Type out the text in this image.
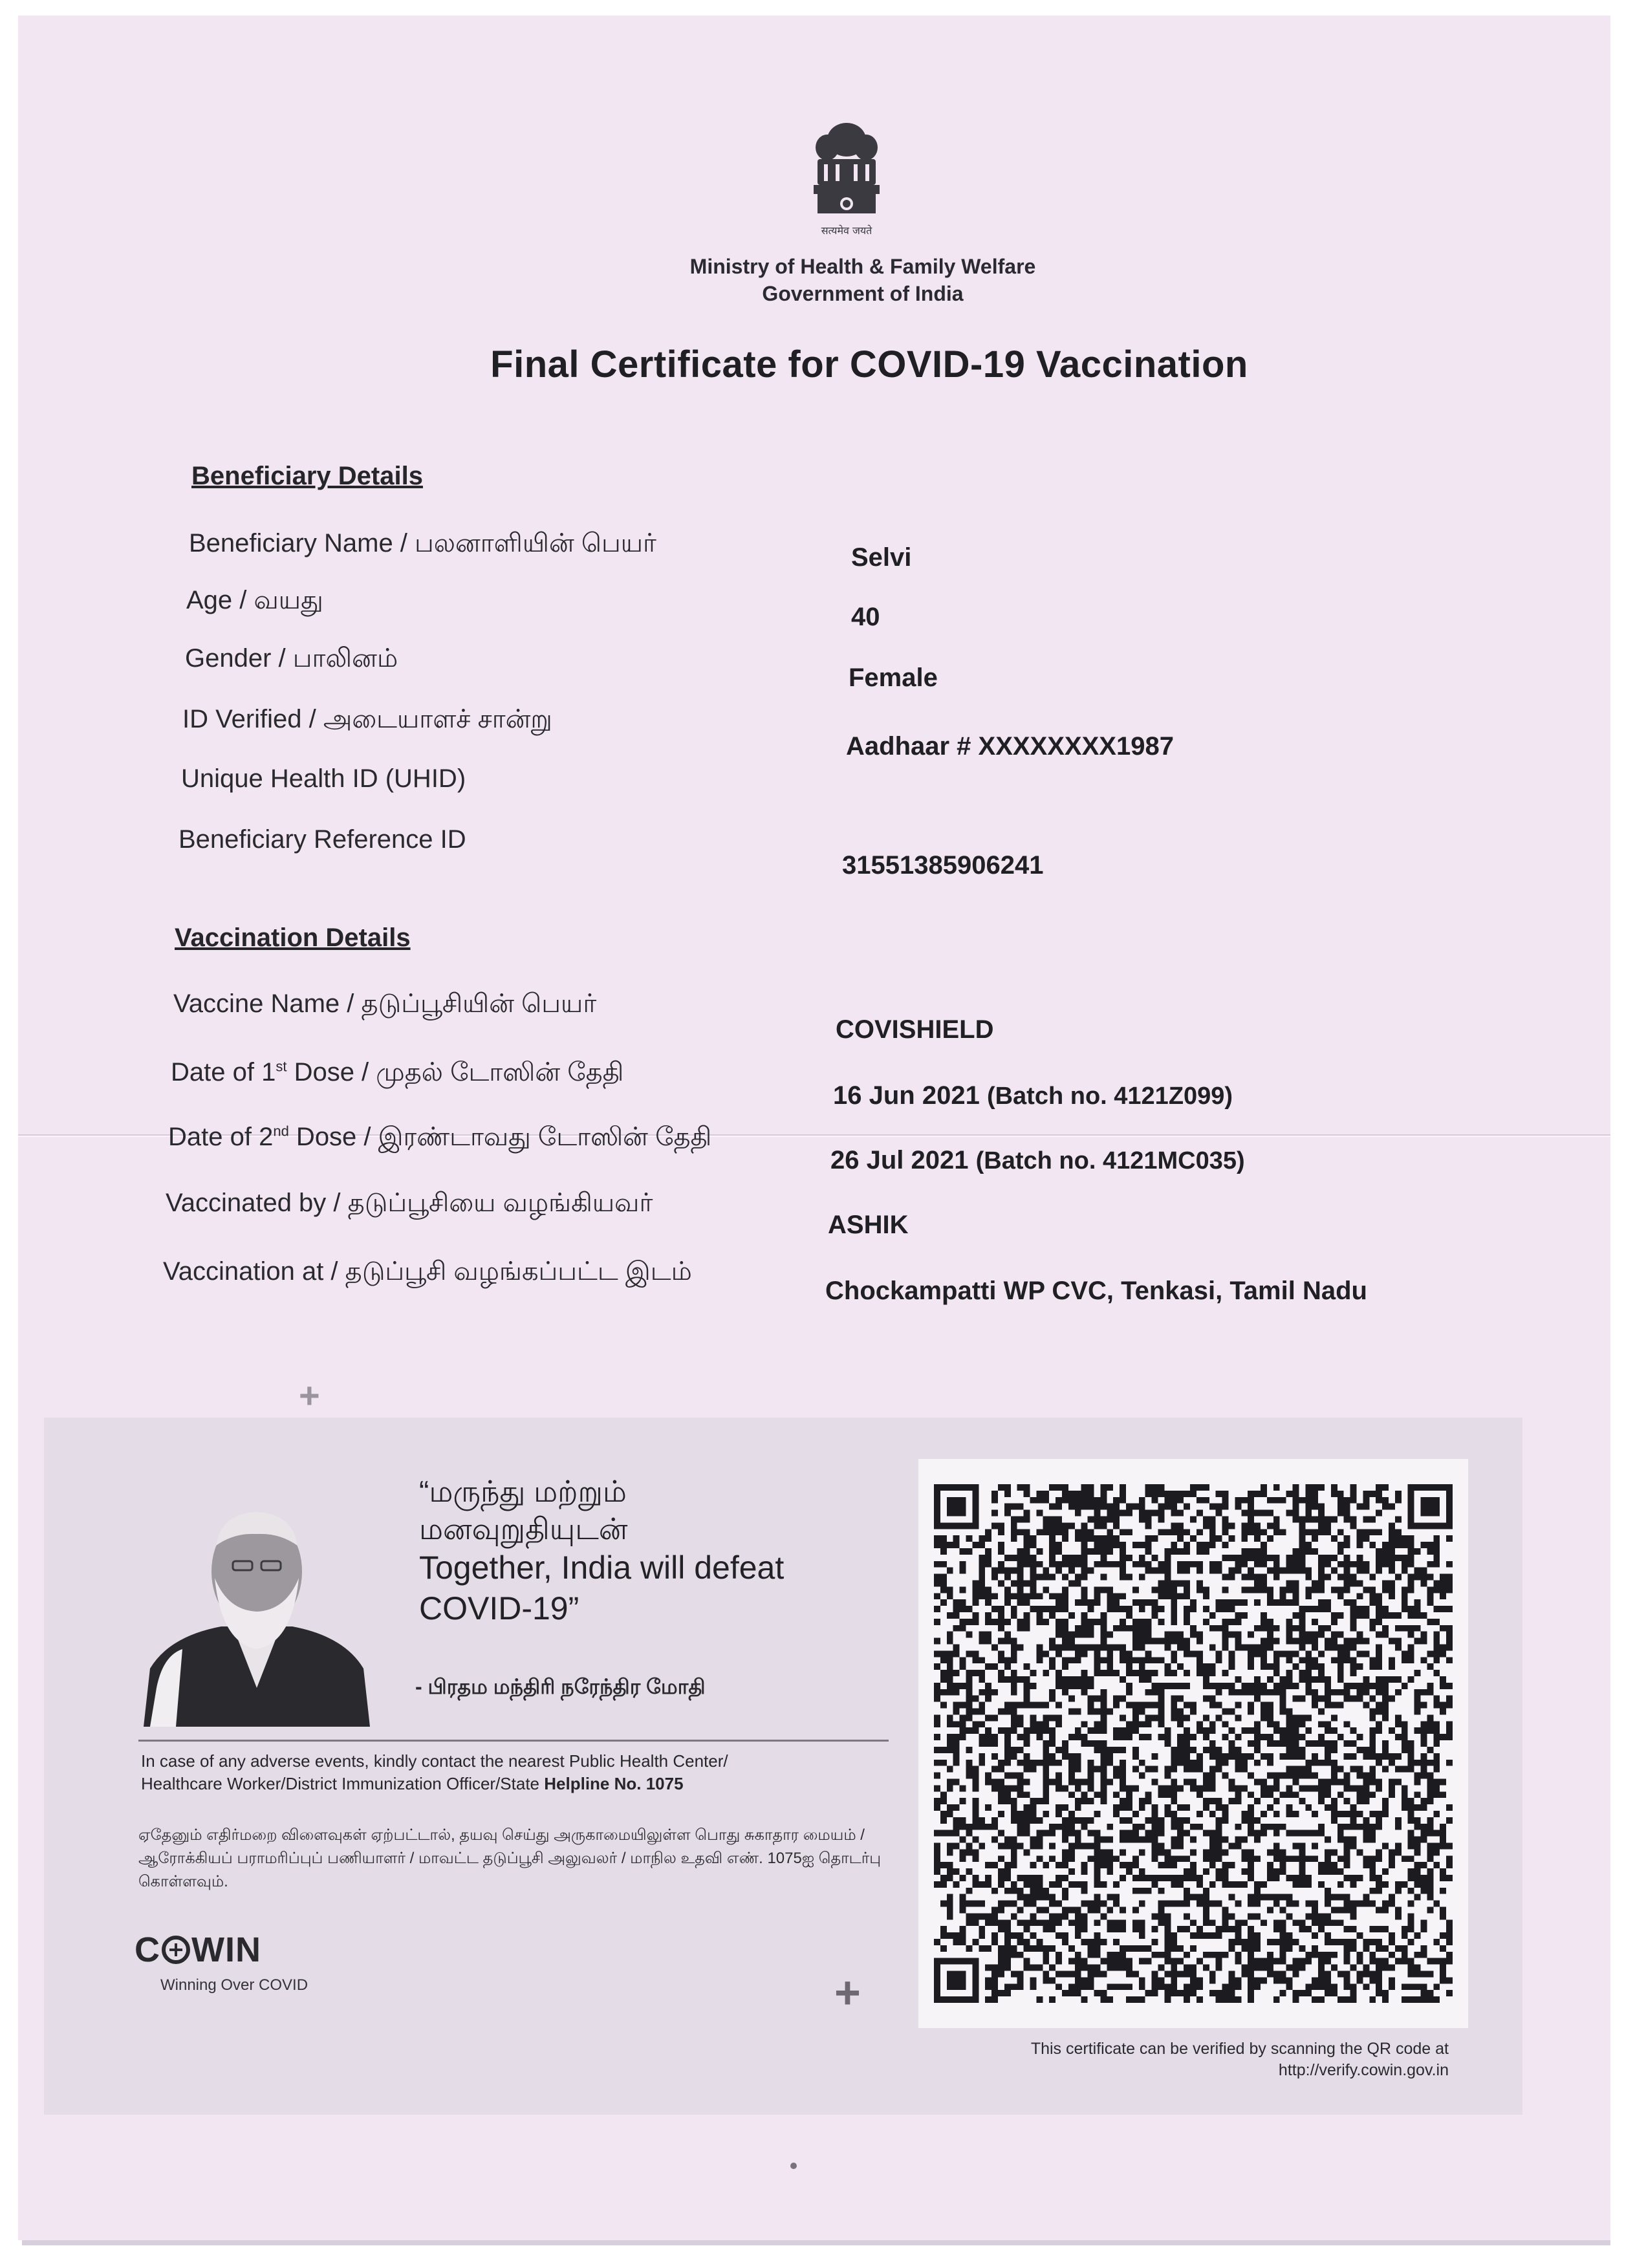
सत्यमेव जयते
Ministry of Health & Family Welfare
Government of India
Final Certificate for COVID-19 Vaccination
Beneficiary Details
Beneficiary Name / பலனாளியின் பெயர்	Selvi
Age / வயது
40
Gender / பாலினம்
Female
ID Verified / அடையாளச் சான்று
Aadhaar # XXXXXXXX1987
Unique Health ID (UHID)
Beneficiary Reference ID
31551385906241
Vaccination Details
Vaccine Name / தடுப்பூசியின் பெயர்
COVISHIELD
Date of 1st Dose / முதல் டோஸின் தேதி
16 Jun 2021 (Batch no. 4121Z099)
Date of 2nd Dose / இரண்டாவது டோஸின் தேதி
26 Jul 2021 (Batch no. 4121MC035)
Vaccinated by / தடுப்பூசியை வழங்கியவர்
ASHIK
Vaccination at / தடுப்பூசி வழங்கப்பட்ட இடம்
Chockampatti WP CVC, Tenkasi, Tamil Nadu
+
“மருந்து மற்றும்
மனவுறுதியுடன்
Together, India will defeat
COVID-19”
- பிரதம மந்திரி நரேந்திர மோதி
In case of any adverse events, kindly contact the nearest Public Health Center/
Healthcare Worker/District Immunization Officer/State Helpline No. 1075
ஏதேனும் எதிர்மறை விளைவுகள் ஏற்பட்டால், தயவு செய்து அருகாமையிலுள்ள பொது சுகாதார மையம் / ஆரோக்கியப் பராமரிப்புப் பணியாளர் / மாவட்ட தடுப்பூசி அலுவலர் / மாநில உதவி எண். 1075ஐ தொடர்பு கொள்ளவும்.
C WIN
Winning Over COVID	+
This certificate can be verified by scanning the QR code at
http://verify.cowin.gov.in
